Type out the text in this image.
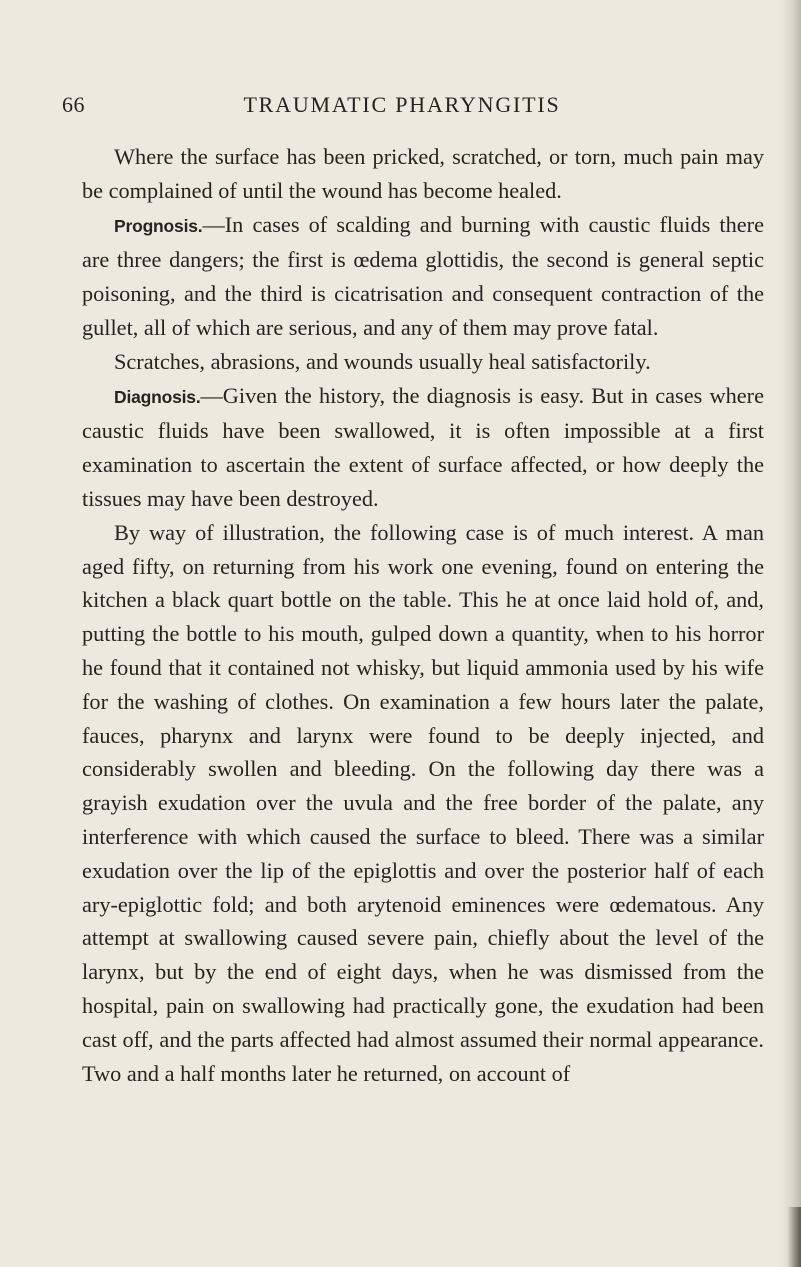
66	TRAUMATIC PHARYNGITIS

Where the surface has been pricked, scratched, or torn, much pain may be complained of until the wound has become healed.

Prognosis.—In cases of scalding and burning with caustic fluids there are three dangers; the first is œdema glottidis, the second is general septic poisoning, and the third is cicatrisation and consequent contraction of the gullet, all of which are serious, and any of them may prove fatal.

Scratches, abrasions, and wounds usually heal satisfactorily.

Diagnosis.—Given the history, the diagnosis is easy. But in cases where caustic fluids have been swallowed, it is often impossible at a first examination to ascertain the extent of surface affected, or how deeply the tissues may have been destroyed.

By way of illustration, the following case is of much interest. A man aged fifty, on returning from his work one evening, found on entering the kitchen a black quart bottle on the table. This he at once laid hold of, and, putting the bottle to his mouth, gulped down a quantity, when to his horror he found that it contained not whisky, but liquid ammonia used by his wife for the washing of clothes. On examination a few hours later the palate, fauces, pharynx and larynx were found to be deeply injected, and considerably swollen and bleeding. On the following day there was a grayish exudation over the uvula and the free border of the palate, any interference with which caused the surface to bleed. There was a similar exudation over the lip of the epiglottis and over the posterior half of each ary-epiglottic fold; and both arytenoid eminences were œdematous. Any attempt at swallowing caused severe pain, chiefly about the level of the larynx, but by the end of eight days, when he was dismissed from the hospital, pain on swallowing had practically gone, the exudation had been cast off, and the parts affected had almost assumed their normal appearance. Two and a half months later he returned, on account of
